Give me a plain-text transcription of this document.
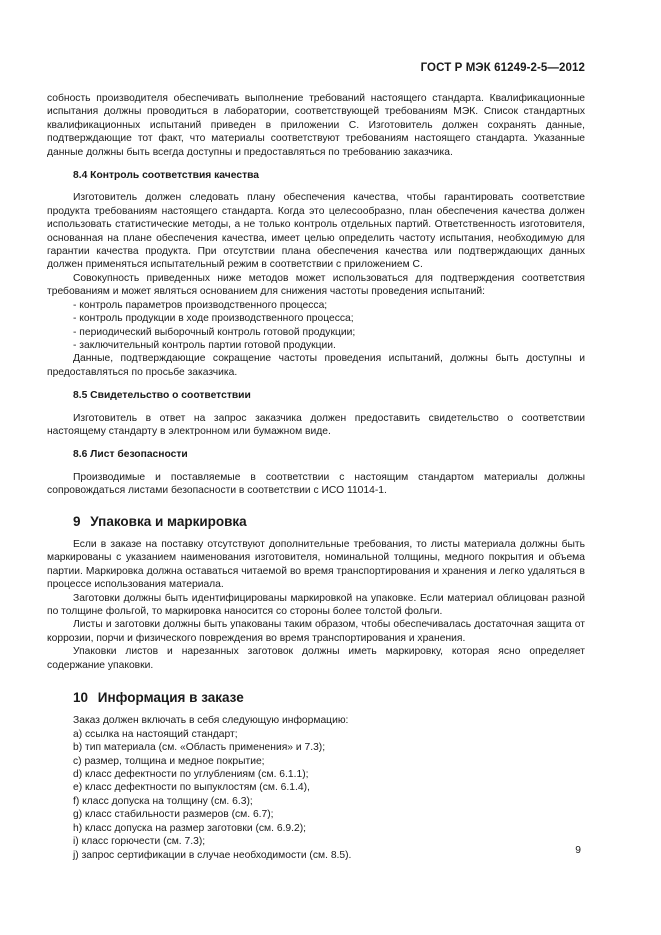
ГОСТ Р МЭК 61249-2-5—2012

собность производителя обеспечивать выполнение требований настоящего стандарта. Квалификационные испытания должны проводиться в лаборатории, соответствующей требованиям МЭК. Список стандартных квалификационных испытаний приведен в приложении С. Изготовитель должен сохранять данные, подтверждающие тот факт, что материалы соответствуют требованиям настоящего стандарта. Указанные данные должны быть всегда доступны и предоставляться по требованию заказчика.

8.4 Контроль соответствия качества

Изготовитель должен следовать плану обеспечения качества, чтобы гарантировать соответствие продукта требованиям настоящего стандарта. Когда это целесообразно, план обеспечения качества должен использовать статистические методы, а не только контроль отдельных партий. Ответственность изготовителя, основанная на плане обеспечения качества, имеет целью определить частоту испытания, необходимую для гарантии качества продукта. При отсутствии плана обеспечения качества или подтверждающих данных должен применяться испытательный режим в соответствии с приложением С.

Совокупность приведенных ниже методов может использоваться для подтверждения соответствия требованиям и может являться основанием для снижения частоты проведения испытаний:

- контроль параметров производственного процесса;

- контроль продукции в ходе производственного процесса;

- периодический выборочный контроль готовой продукции;

- заключительный контроль партии готовой продукции.

Данные, подтверждающие сокращение частоты проведения испытаний, должны быть доступны и предоставляться по просьбе заказчика.

8.5 Свидетельство о соответствии

Изготовитель в ответ на запрос заказчика должен предоставить свидетельство о соответствии настоящему стандарту в электронном или бумажном виде.

8.6 Лист безопасности

Производимые и поставляемые в соответствии с настоящим стандартом материалы должны сопровождаться листами безопасности в соответствии с ИСО 11014-1.

9 Упаковка и маркировка

Если в заказе на поставку отсутствуют дополнительные требования, то листы материала должны быть маркированы с указанием наименования изготовителя, номинальной толщины, медного покрытия и объема партии. Маркировка должна оставаться читаемой во время транспортирования и хранения и легко удаляться в процессе использования материала.

Заготовки должны быть идентифицированы маркировкой на упаковке. Если материал облицован разной по толщине фольгой, то маркировка наносится со стороны более толстой фольги.

Листы и заготовки должны быть упакованы таким образом, чтобы обеспечивалась достаточная защита от коррозии, порчи и физического повреждения во время транспортирования и хранения.

Упаковки листов и нарезанных заготовок должны иметь маркировку, которая ясно определяет содержание упаковки.

10 Информация в заказе

Заказ должен включать в себя следующую информацию:

a) ссылка на настоящий стандарт;

b) тип материала (см. «Область применения» и 7.3);

c) размер, толщина и медное покрытие;

d) класс дефектности по углублениям (см. 6.1.1);

e) класс дефектности по выпуклостям (см. 6.1.4),

f) класс допуска на толщину (см. 6.3);

g) класс стабильности размеров (см. 6.7);

h) класс допуска на размер заготовки (см. 6.9.2);

i) класс горючести (см. 7.3);

j) запрос сертификации в случае необходимости (см. 8.5).	9
